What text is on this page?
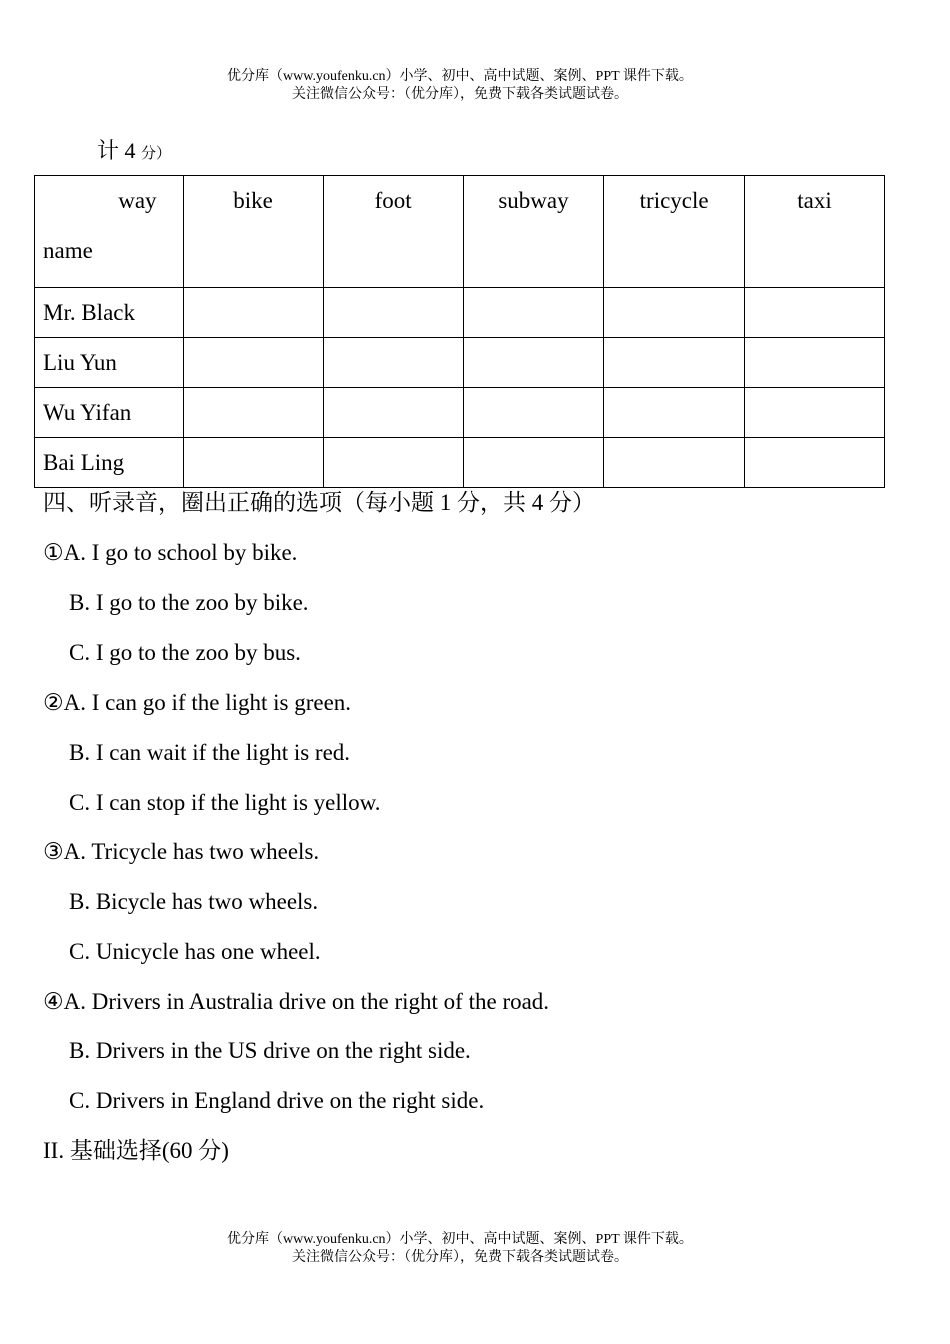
优分库（www.youfenku.cn）小学、初中、高中试题、案例、PPT 课件下载。
关注微信公众号：（优分库），免费下载各类试题试卷。
计 4 分）
way
name	bike	foot	subway	tricycle	taxi
Mr. Black					
Liu Yun					
Wu Yifan					
Bai Ling					
四、听录音，圈出正确的选项（每小题 1 分，共 4 分）
①A. I go to school by bike.
B. I go to the zoo by bike.
C. I go to the zoo by bus.
②A. I can go if the light is green.
B. I can wait if the light is red.
C. I can stop if the light is yellow.
③A. Tricycle has two wheels.
B. Bicycle has two wheels.
C. Unicycle has one wheel.
④A. Drivers in Australia drive on the right of the road.
B. Drivers in the US drive on the right side.
C. Drivers in England drive on the right side.
II. 基础选择(60 分)
优分库（www.youfenku.cn）小学、初中、高中试题、案例、PPT 课件下载。
关注微信公众号：（优分库），免费下载各类试题试卷。
